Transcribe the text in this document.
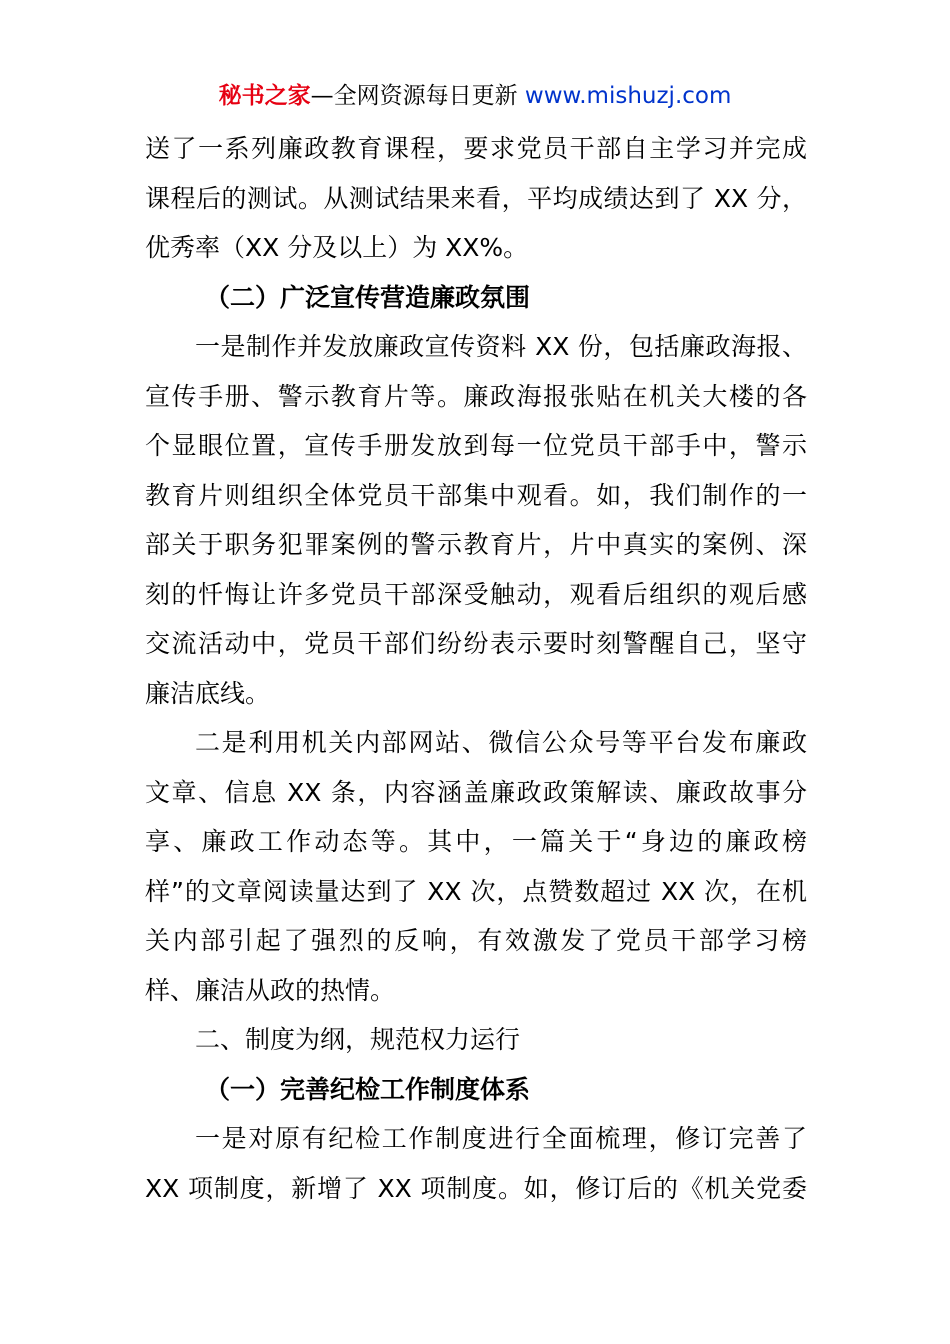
秘书之家—全网资源每日更新 www.mishuzj.com
送了一系列廉政教育课程，要求党员干部自主学习并完成
课程后的测试。从测试结果来看，平均成绩达到了 XX 分，
优秀率（XX 分及以上）为 XX%。
（二）广泛宣传营造廉政氛围
一是制作并发放廉政宣传资料 XX 份，包括廉政海报、
宣传手册、警示教育片等。廉政海报张贴在机关大楼的各
个显眼位置，宣传手册发放到每一位党员干部手中，警示
教育片则组织全体党员干部集中观看。如，我们制作的一
部关于职务犯罪案例的警示教育片，片中真实的案例、深
刻的忏悔让许多党员干部深受触动，观看后组织的观后感
交流活动中，党员干部们纷纷表示要时刻警醒自己，坚守
廉洁底线。
二是利用机关内部网站、微信公众号等平台发布廉政
文章、信息 XX 条，内容涵盖廉政政策解读、廉政故事分
享、廉政工作动态等。其中，一篇关于“身边的廉政榜
样”的文章阅读量达到了 XX 次，点赞数超过 XX 次，在机
关内部引起了强烈的反响，有效激发了党员干部学习榜
样、廉洁从政的热情。
二、制度为纲，规范权力运行
（一）完善纪检工作制度体系
一是对原有纪检工作制度进行全面梳理，修订完善了
XX 项制度，新增了 XX 项制度。如，修订后的《机关党委
